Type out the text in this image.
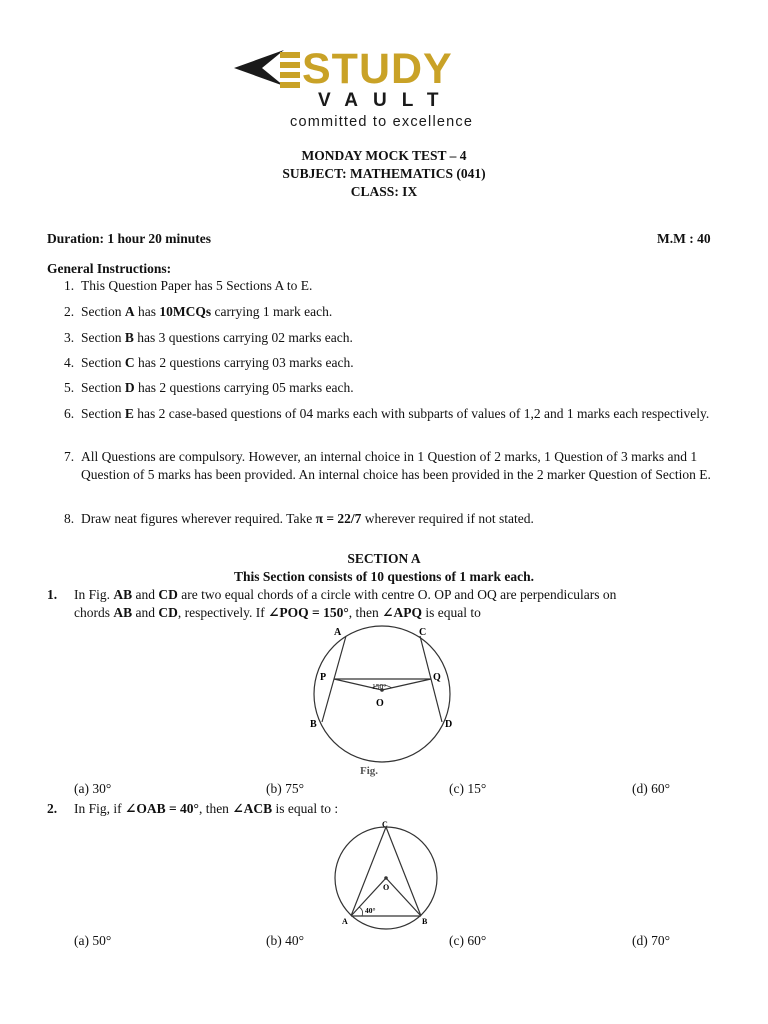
STUDY
VAULT
committed to excellence
MONDAY MOCK TEST – 4
SUBJECT: MATHEMATICS (041)
CLASS: IX
Duration: 1 hour 20 minutes	M.M : 40
General Instructions:
1. This Question Paper has 5 Sections A to E.
2. Section A has 10MCQs carrying 1 mark each.
3. Section B has 3 questions carrying 02 marks each.
4. Section C has 2 questions carrying 03 marks each.
5. Section D has 2 questions carrying 05 marks each.
6. Section E has 2 case-based questions of 04 marks each with subparts of values of 1,2 and 1 marks each respectively.
7. All Questions are compulsory. However, an internal choice in 1 Question of 2 marks, 1 Question of 3 marks and 1 Question of 5 marks has been provided. An internal choice has been provided in the 2 marker Question of Section E.
8. Draw neat figures wherever required. Take π = 22/7 wherever required if not stated.
SECTION A
This Section consists of 10 questions of 1 mark each.
1. In Fig. AB and CD are two equal chords of a circle with centre O. OP and OQ are perpendiculars on
chords AB and CD, respectively. If ∠POQ = 150°, then ∠APQ is equal to
150°
A	C
P	Q
O
B	D
Fig.
(a) 30°	(b) 75°	(c) 15°	(d) 60°
2. In Fig, if ∠OAB = 40°, then ∠ACB is equal to :
40°
C
O
A	B
(a) 50°	(b) 40°	(c) 60°	(d) 70°
